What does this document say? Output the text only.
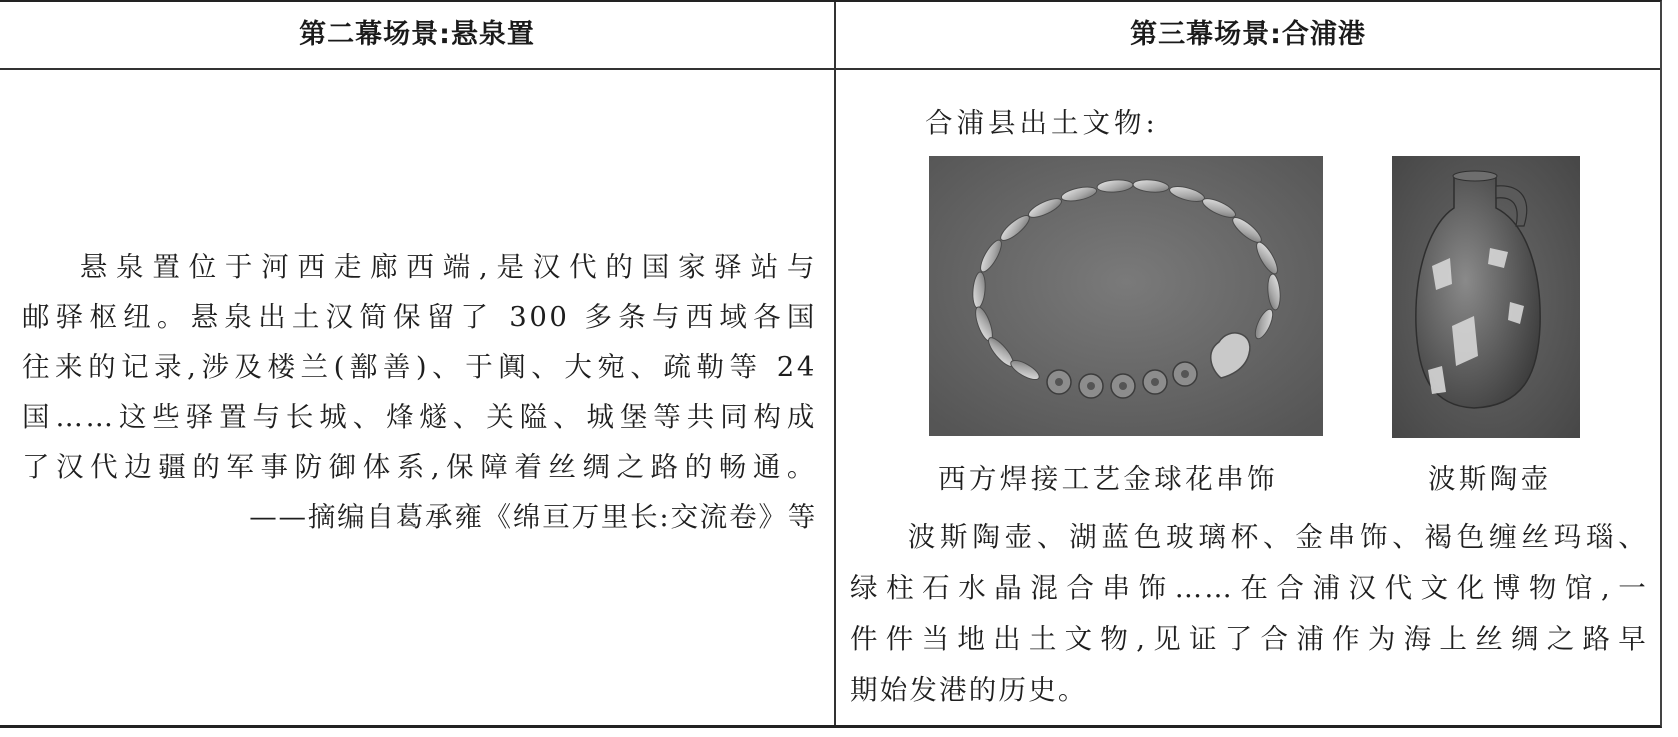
第二幕场景:悬泉置	第三幕场景:合浦港
悬泉置位于河西走廊西端,是汉代的国家驿站与
邮驿枢纽。悬泉出土汉简保留了 300 多条与西域各国
往来的记录,涉及楼兰(鄯善)、于阗、大宛、疏勒等 24
国……这些驿置与长城、烽燧、关隘、城堡等共同构成
了汉代边疆的军事防御体系,保障着丝绸之路的畅通。
——摘编自葛承雍《绵亘万里长:交流卷》等
合浦县出土文物:
西方焊接工艺金球花串饰	波斯陶壶
波斯陶壶、湖蓝色玻璃杯、金串饰、褐色缠丝玛瑙、
绿柱石水晶混合串饰……在合浦汉代文化博物馆,一
件件当地出土文物,见证了合浦作为海上丝绸之路早
期始发港的历史。
